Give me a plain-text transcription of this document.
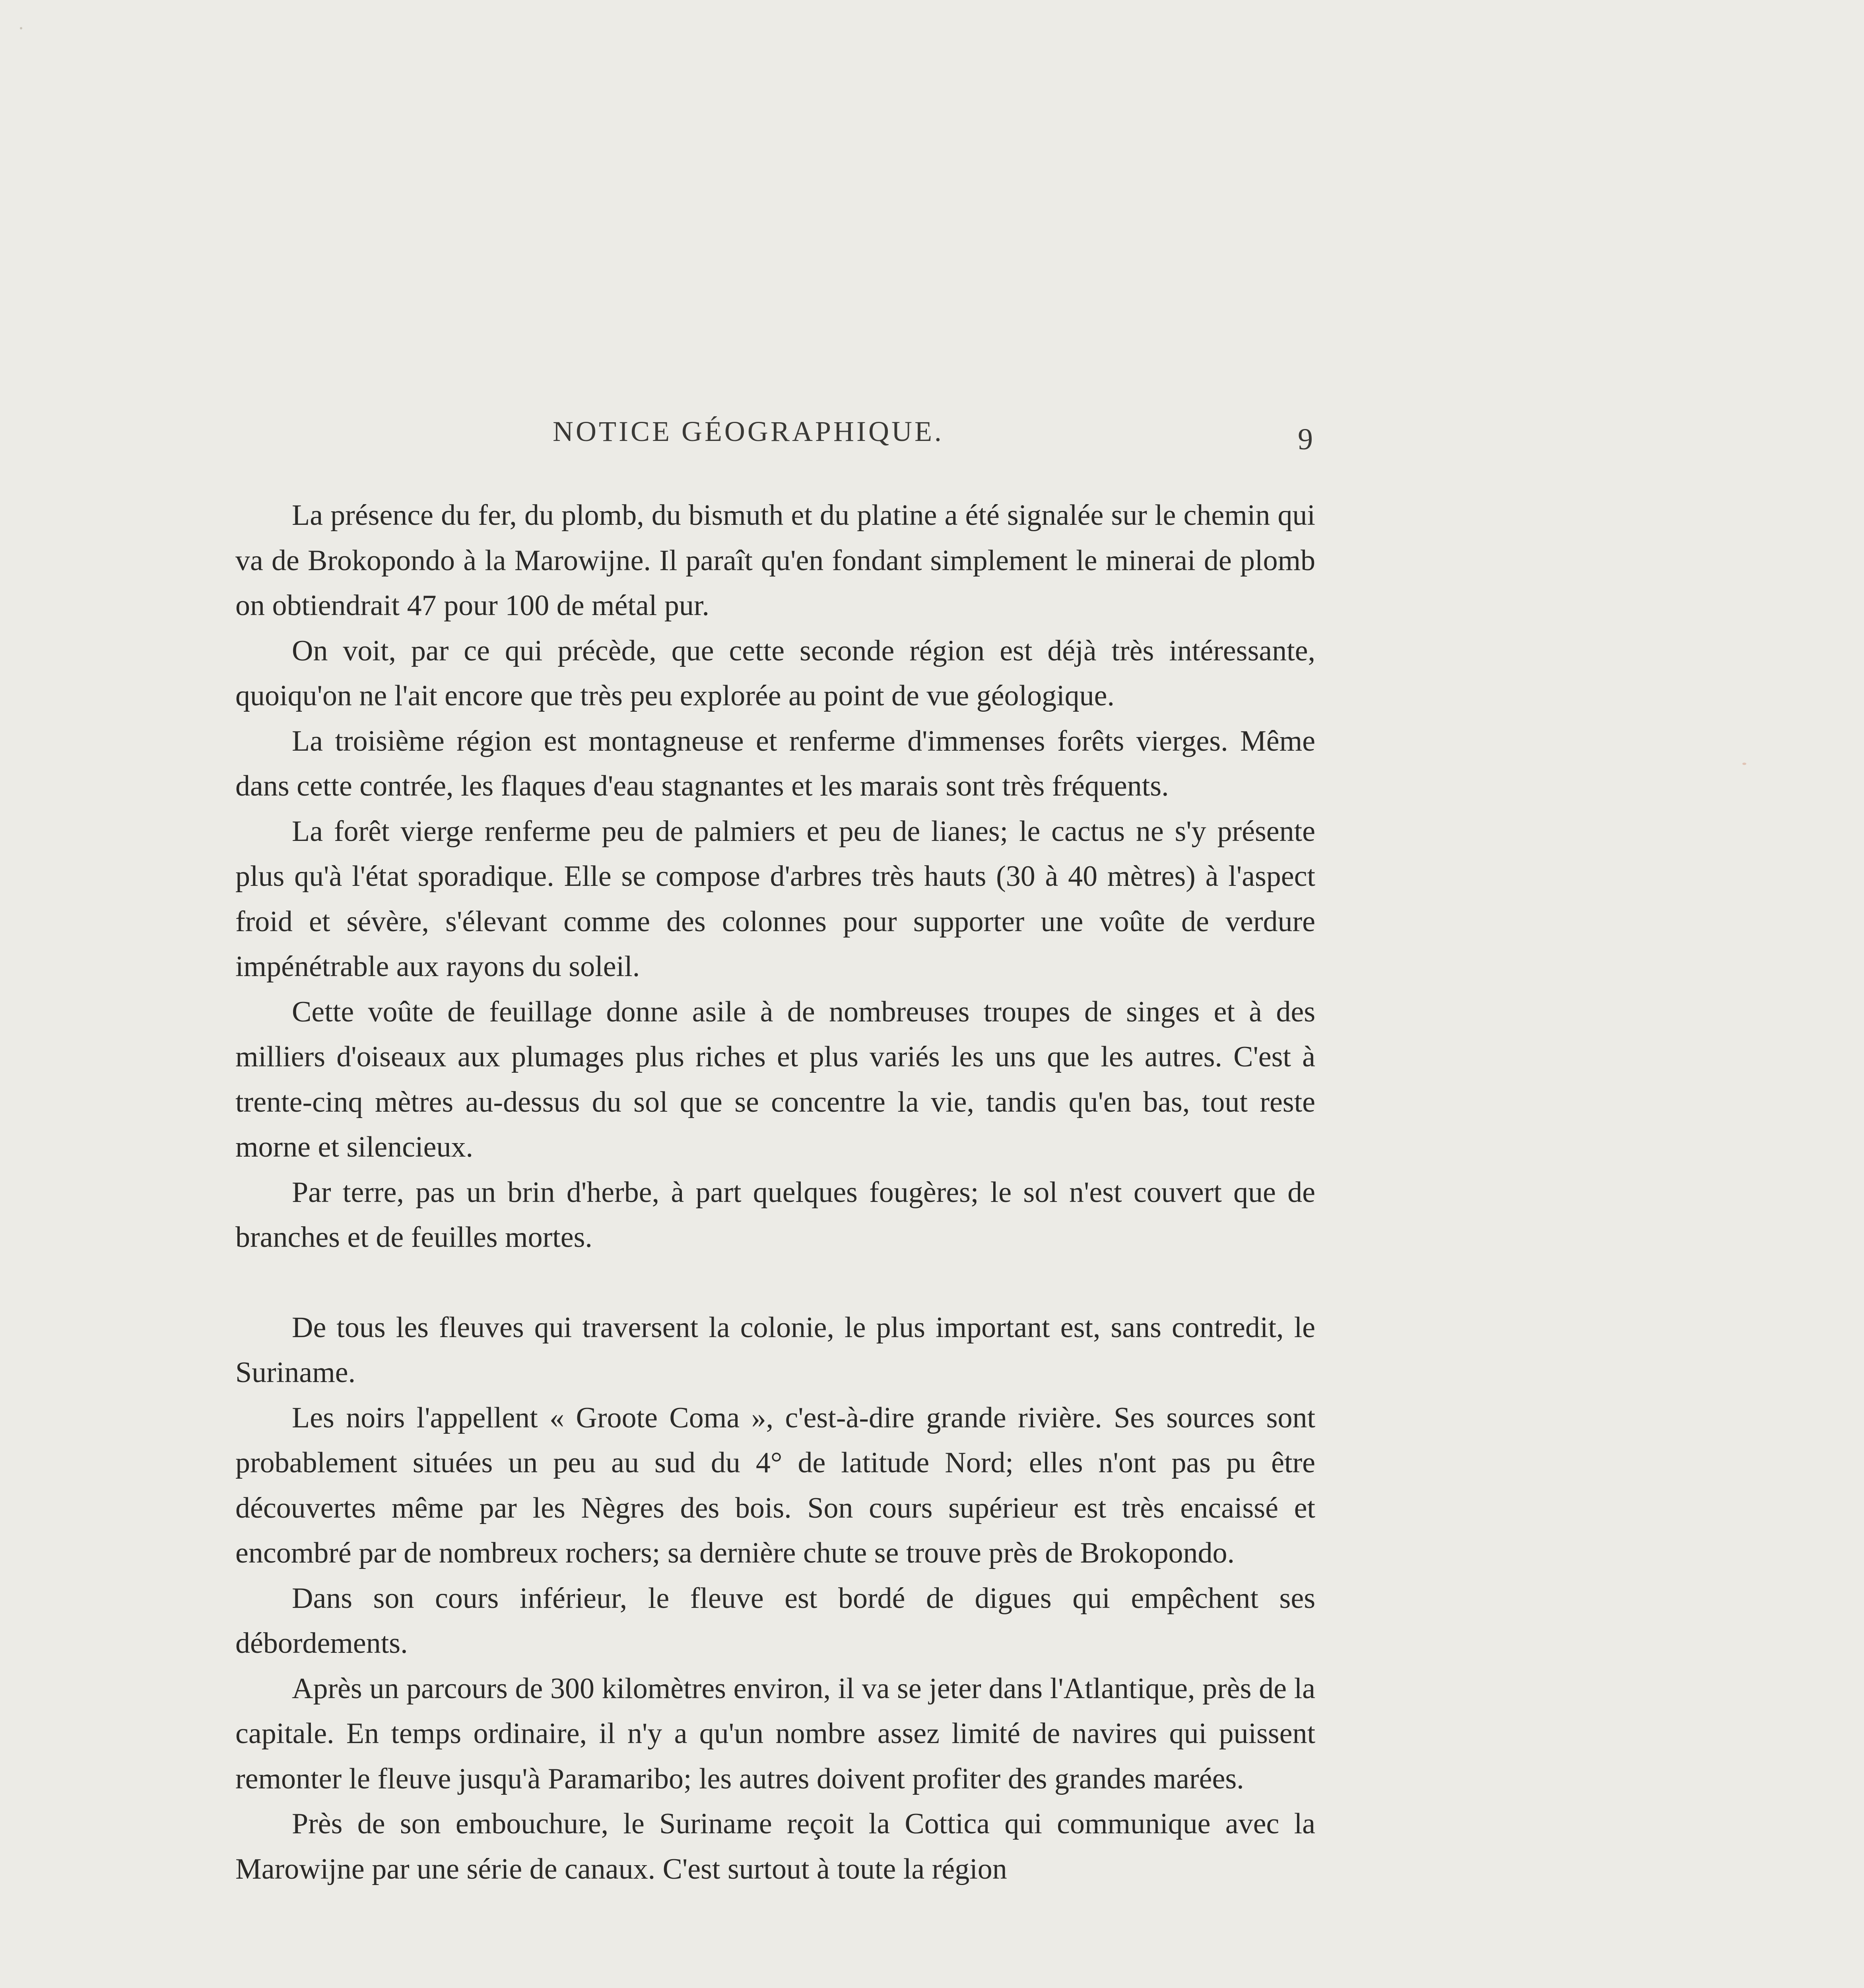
NOTICE GÉOGRAPHIQUE.	9

La présence du fer, du plomb, du bismuth et du platine a été signalée sur le chemin qui va de Brokopondo à la Marowijne. Il paraît qu'en fondant simplement le minerai de plomb on obtiendrait 47 pour 100 de métal pur.

On voit, par ce qui précède, que cette seconde région est déjà très intéressante, quoiqu'on ne l'ait encore que très peu explorée au point de vue géologique.

La troisième région est montagneuse et renferme d'immenses forêts vierges. Même dans cette contrée, les flaques d'eau stagnantes et les marais sont très fréquents.

La forêt vierge renferme peu de palmiers et peu de lianes; le cactus ne s'y présente plus qu'à l'état sporadique. Elle se compose d'arbres très hauts (30 à 40 mètres) à l'aspect froid et sévère, s'élevant comme des colonnes pour supporter une voûte de verdure impénétrable aux rayons du soleil.

Cette voûte de feuillage donne asile à de nombreuses troupes de singes et à des milliers d'oiseaux aux plumages plus riches et plus variés les uns que les autres. C'est à trente-cinq mètres au-dessus du sol que se concentre la vie, tandis qu'en bas, tout reste morne et silencieux.

Par terre, pas un brin d'herbe, à part quelques fougères; le sol n'est couvert que de branches et de feuilles mortes.

De tous les fleuves qui traversent la colonie, le plus important est, sans contredit, le Suriname.

Les noirs l'appellent « Groote Coma », c'est-à-dire grande rivière. Ses sources sont probablement situées un peu au sud du 4° de latitude Nord; elles n'ont pas pu être découvertes même par les Nègres des bois. Son cours supérieur est très encaissé et encombré par de nombreux rochers; sa dernière chute se trouve près de Brokopondo.

Dans son cours inférieur, le fleuve est bordé de digues qui empêchent ses débordements.

Après un parcours de 300 kilomètres environ, il va se jeter dans l'Atlantique, près de la capitale. En temps ordinaire, il n'y a qu'un nombre assez limité de navires qui puissent remonter le fleuve jusqu'à Paramaribo; les autres doivent profiter des grandes marées.

Près de son embouchure, le Suriname reçoit la Cottica qui communique avec la Marowijne par une série de canaux. C'est surtout à toute la région
